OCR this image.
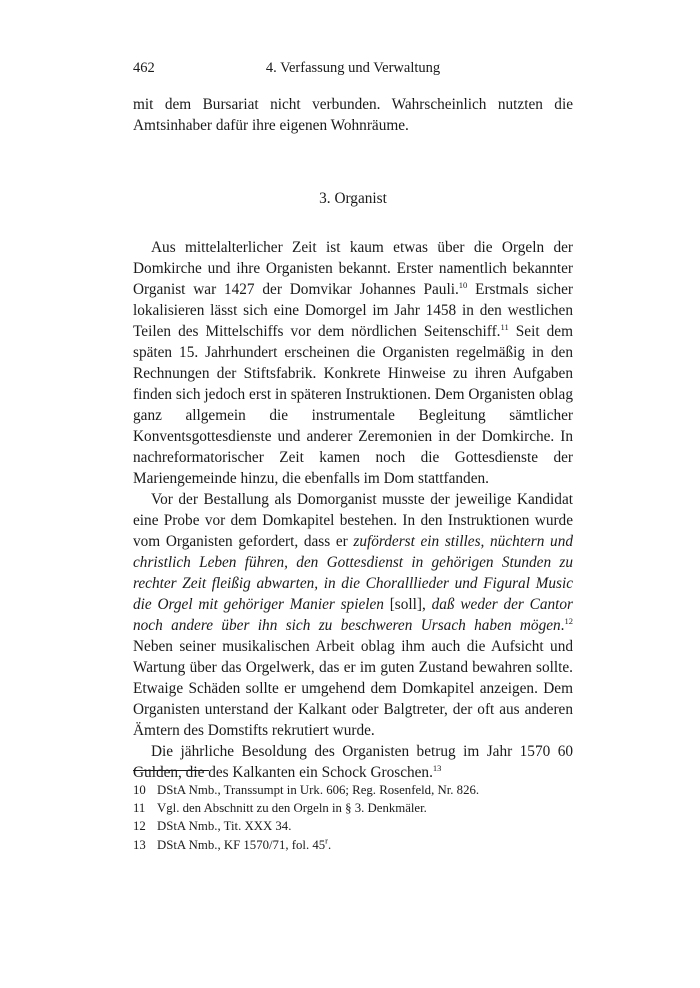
462	4. Verfassung und Verwaltung

mit dem Bursariat nicht verbunden. Wahrscheinlich nutzten die Amtsinhaber dafür ihre eigenen Wohnräume.

3. Organist

Aus mittelalterlicher Zeit ist kaum etwas über die Orgeln der Domkirche und ihre Organisten bekannt. Erster namentlich bekannter Organist war 1427 der Domvikar Johannes Pauli.$^{10}$ Erstmals sicher lokalisieren lässt sich eine Domorgel im Jahr 1458 in den westlichen Teilen des Mittelschiffs vor dem nördlichen Seitenschiff.$^{11}$ Seit dem späten 15. Jahrhundert erscheinen die Organisten regelmäßig in den Rechnungen der Stiftsfabrik. Konkrete Hinweise zu ihren Aufgaben finden sich jedoch erst in späteren Instruktionen. Dem Organisten oblag ganz allgemein die instrumentale Begleitung sämtlicher Konventsgottesdienste und anderer Zeremonien in der Domkirche. In nachreformatorischer Zeit kamen noch die Gottesdienste der Mariengemeinde hinzu, die ebenfalls im Dom stattfanden.

Vor der Bestallung als Domorganist musste der jeweilige Kandidat eine Probe vor dem Domkapitel bestehen. In den Instruktionen wurde vom Organisten gefordert, dass er zuförderst ein stilles, nüchtern und christlich Leben führen, den Gottesdienst in gehörigen Stunden zu rechter Zeit fleißig abwarten, in die Choralllieder und Figural Music die Orgel mit gehöriger Manier spielen [soll], daß weder der Cantor noch andere über ihn sich zu beschweren Ursach haben mögen.$^{12}$ Neben seiner musikalischen Arbeit oblag ihm auch die Aufsicht und Wartung über das Orgelwerk, das er im guten Zustand bewahren sollte. Etwaige Schäden sollte er umgehend dem Domkapitel anzeigen. Dem Organisten unterstand der Kalkant oder Balgtreter, der oft aus anderen Ämtern des Domstifts rekrutiert wurde.

Die jährliche Besoldung des Organisten betrug im Jahr 1570 60 Gulden, die des Kalkanten ein Schock Groschen.$^{13}$

10 DStA Nmb., Transsumpt in Urk. 606; Reg. Rosenfeld, Nr. 826.
11 Vgl. den Abschnitt zu den Orgeln in § 3. Denkmäler.
12 DStA Nmb., Tit. XXX 34.
13 DStA Nmb., KF 1570/71, fol. 45$^r$.
